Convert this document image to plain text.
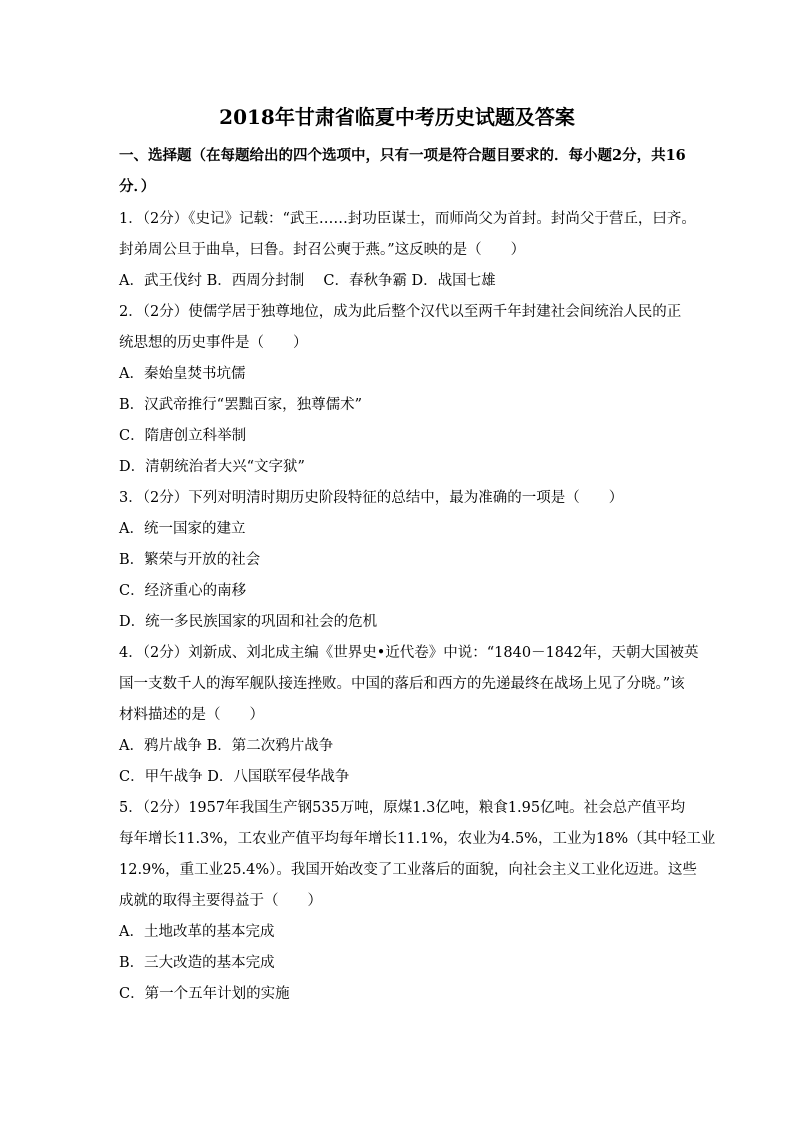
2018年甘肃省临夏中考历史试题及答案
一、选择题（在每题给出的四个选项中，只有一项是符合题目要求的．每小题2分，共16
分．）
1．（2分）《史记》记载：“武王……封功臣谋士，而师尚父为首封。封尚父于营丘，曰齐。
封弟周公旦于曲阜，曰鲁。封召公奭于燕。”这反映的是（　　）
A．武王伐纣 B．西周分封制　 C．春秋争霸 D．战国七雄
2．（2分）使儒学居于独尊地位，成为此后整个汉代以至两千年封建社会间统治人民的正
统思想的历史事件是（　　）
A．秦始皇焚书坑儒
B．汉武帝推行“罢黜百家，独尊儒术”
C．隋唐创立科举制
D．清朝统治者大兴“文字狱”
3．（2分）下列对明清时期历史阶段特征的总结中，最为准确的一项是（　　）
A．统一国家的建立
B．繁荣与开放的社会
C．经济重心的南移
D．统一多民族国家的巩固和社会的危机
4．（2分）刘新成、刘北成主编《世界史•近代卷》中说：“1840－1842年，天朝大国被英
国一支数千人的海军舰队接连挫败。中国的落后和西方的先递最终在战场上见了分晓。”该
材料描述的是（　　）
A．鸦片战争 B．第二次鸦片战争
C．甲午战争 D．八国联军侵华战争
5．（2分）1957年我国生产钢535万吨，原煤1.3亿吨，粮食1.95亿吨。社会总产值平均
每年增长11.3%，工农业产值平均每年增长11.1%，农业为4.5%，工业为18%（其中轻工业
12.9%，重工业25.4%）。我国开始改变了工业落后的面貌，向社会主义工业化迈进。这些
成就的取得主要得益于（　　）
A．土地改革的基本完成
B．三大改造的基本完成
C．第一个五年计划的实施
